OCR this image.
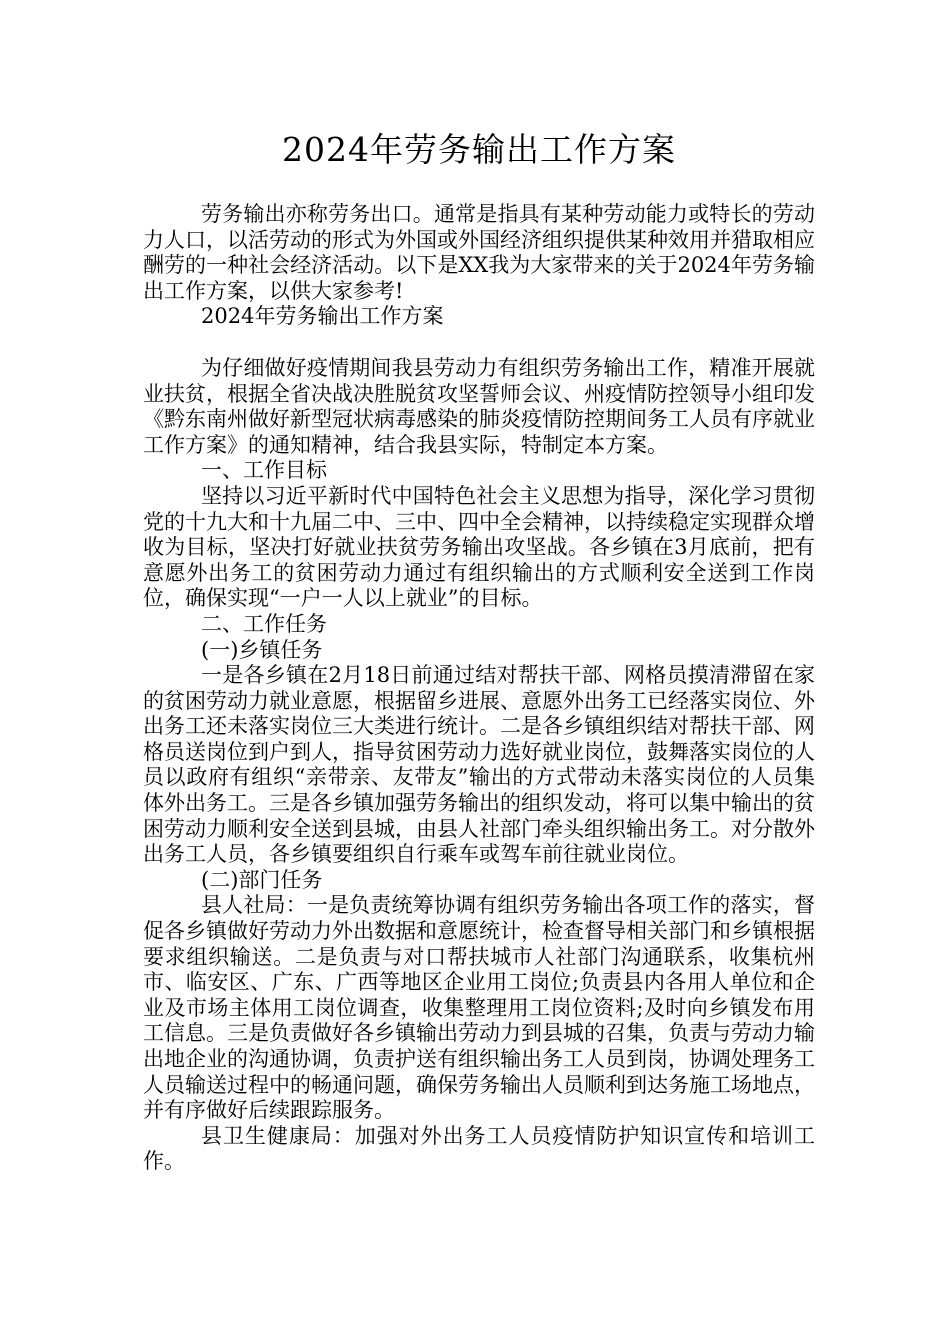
2024年劳务输出工作方案

劳务输出亦称劳务出口。通常是指具有某种劳动能力或特长的劳动力人口，以活劳动的形式为外国或外国经济组织提供某种效用并猎取相应酬劳的一种社会经济活动。以下是XX我为大家带来的关于2024年劳务输出工作方案，以供大家参考!

2024年劳务输出工作方案

为仔细做好疫情期间我县劳动力有组织劳务输出工作，精准开展就业扶贫，根据全省决战决胜脱贫攻坚誓师会议、州疫情防控领导小组印发《黔东南州做好新型冠状病毒感染的肺炎疫情防控期间务工人员有序就业工作方案》的通知精神，结合我县实际，特制定本方案。

一、工作目标

坚持以习近平新时代中国特色社会主义思想为指导，深化学习贯彻党的十九大和十九届二中、三中、四中全会精神，以持续稳定实现群众增收为目标，坚决打好就业扶贫劳务输出攻坚战。各乡镇在3月底前，把有意愿外出务工的贫困劳动力通过有组织输出的方式顺利安全送到工作岗位，确保实现“一户一人以上就业”的目标。

二、工作任务

(一)乡镇任务

一是各乡镇在2月18日前通过结对帮扶干部、网格员摸清滞留在家的贫困劳动力就业意愿，根据留乡进展、意愿外出务工已经落实岗位、外出务工还未落实岗位三大类进行统计。二是各乡镇组织结对帮扶干部、网格员送岗位到户到人，指导贫困劳动力选好就业岗位，鼓舞落实岗位的人员以政府有组织“亲带亲、友带友”输出的方式带动未落实岗位的人员集体外出务工。三是各乡镇加强劳务输出的组织发动，将可以集中输出的贫困劳动力顺利安全送到县城，由县人社部门牵头组织输出务工。对分散外出务工人员，各乡镇要组织自行乘车或驾车前往就业岗位。

(二)部门任务

县人社局：一是负责统筹协调有组织劳务输出各项工作的落实，督促各乡镇做好劳动力外出数据和意愿统计，检查督导相关部门和乡镇根据要求组织输送。二是负责与对口帮扶城市人社部门沟通联系，收集杭州市、临安区、广东、广西等地区企业用工岗位;负责县内各用人单位和企业及市场主体用工岗位调查，收集整理用工岗位资料;及时向乡镇发布用工信息。三是负责做好各乡镇输出劳动力到县城的召集，负责与劳动力输出地企业的沟通协调，负责护送有组织输出务工人员到岗，协调处理务工人员输送过程中的畅通问题，确保劳务输出人员顺利到达务施工场地点，并有序做好后续跟踪服务。

县卫生健康局：加强对外出务工人员疫情防护知识宣传和培训工作。
